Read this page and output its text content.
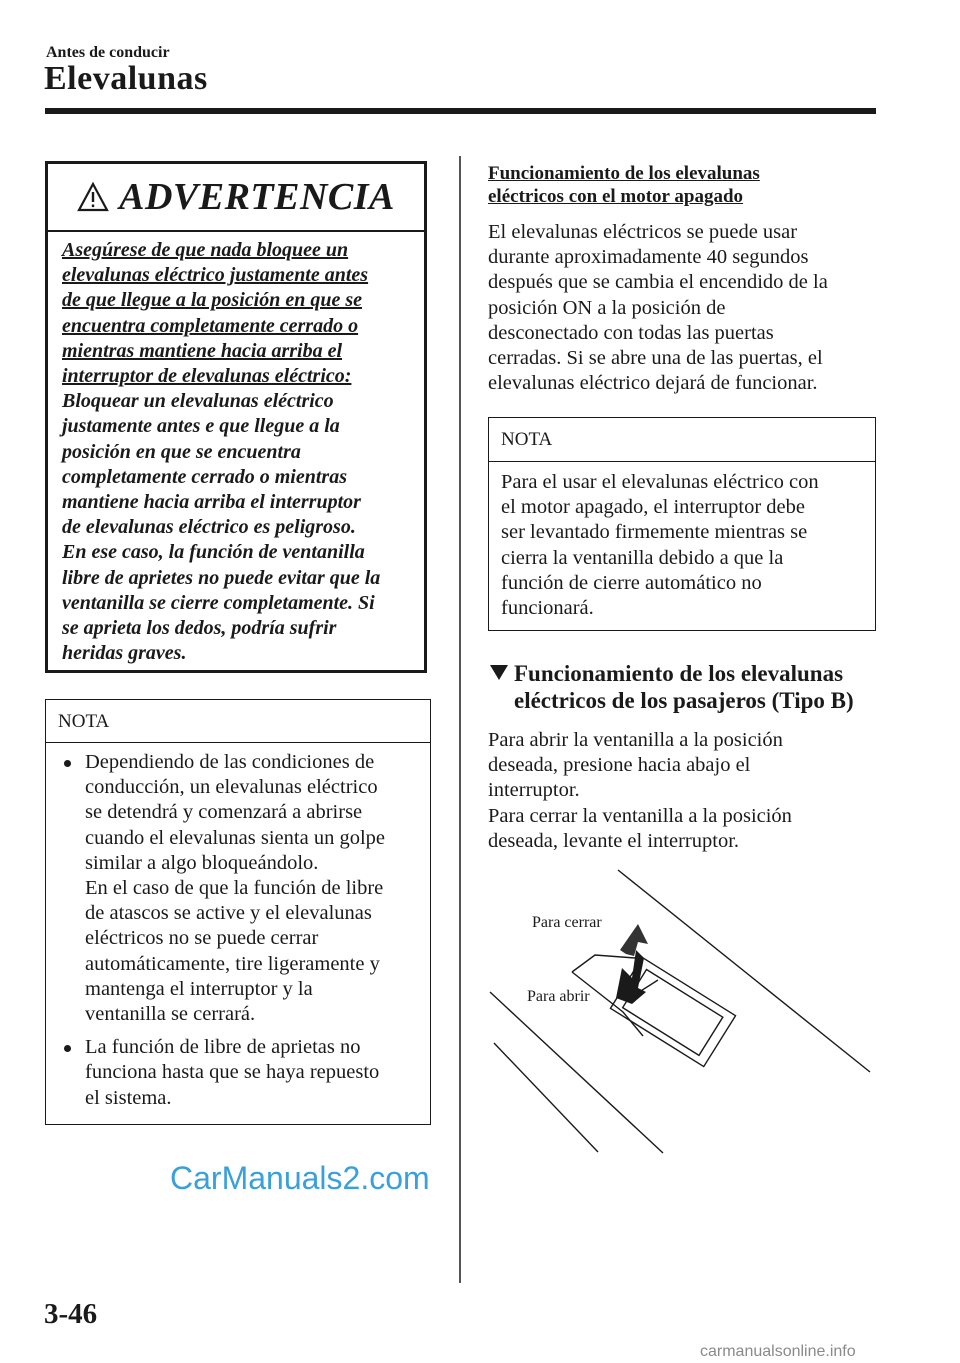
Antes de conducir
Elevalunas
ADVERTENCIA
Asegúrese de que nada bloquee un
elevalunas eléctrico justamente antes
de que llegue a la posición en que se
encuentra completamente cerrado o
mientras mantiene hacia arriba el
interruptor de elevalunas eléctrico:
Bloquear un elevalunas eléctrico
justamente antes e que llegue a la
posición en que se encuentra
completamente cerrado o mientras
mantiene hacia arriba el interruptor
de elevalunas eléctrico es peligroso.
En ese caso, la función de ventanilla
libre de aprietes no puede evitar que la
ventanilla se cierre completamente. Si
se aprieta los dedos, podría sufrir
heridas graves.
NOTA
Dependiendo de las condiciones de
conducción, un elevalunas eléctrico
se detendrá y comenzará a abrirse
cuando el elevalunas sienta un golpe
similar a algo bloqueándolo.
En el caso de que la función de libre
de atascos se active y el elevalunas
eléctricos no se puede cerrar
automáticamente, tire ligeramente y
mantenga el interruptor y la
ventanilla se cerrará.
La función de libre de aprietas no
funciona hasta que se haya repuesto
el sistema.
Funcionamiento de los elevalunas
eléctricos con el motor apagado
El elevalunas eléctricos se puede usar
durante aproximadamente 40 segundos
después que se cambia el encendido de la
posición ON a la posición de
desconectado con todas las puertas
cerradas. Si se abre una de las puertas, el
elevalunas eléctrico dejará de funcionar.
NOTA
Para el usar el elevalunas eléctrico con
el motor apagado, el interruptor debe
ser levantado firmemente mientras se
cierra la ventanilla debido a que la
función de cierre automático no
funcionará.
Funcionamiento de los elevalunas
eléctricos de los pasajeros (Tipo B)
Para abrir la ventanilla a la posición
deseada, presione hacia abajo el
interruptor.
Para cerrar la ventanilla a la posición
deseada, levante el interruptor.
Para cerrar
Para abrir
CarManuals2.com
3-46
carmanualsonline.info
